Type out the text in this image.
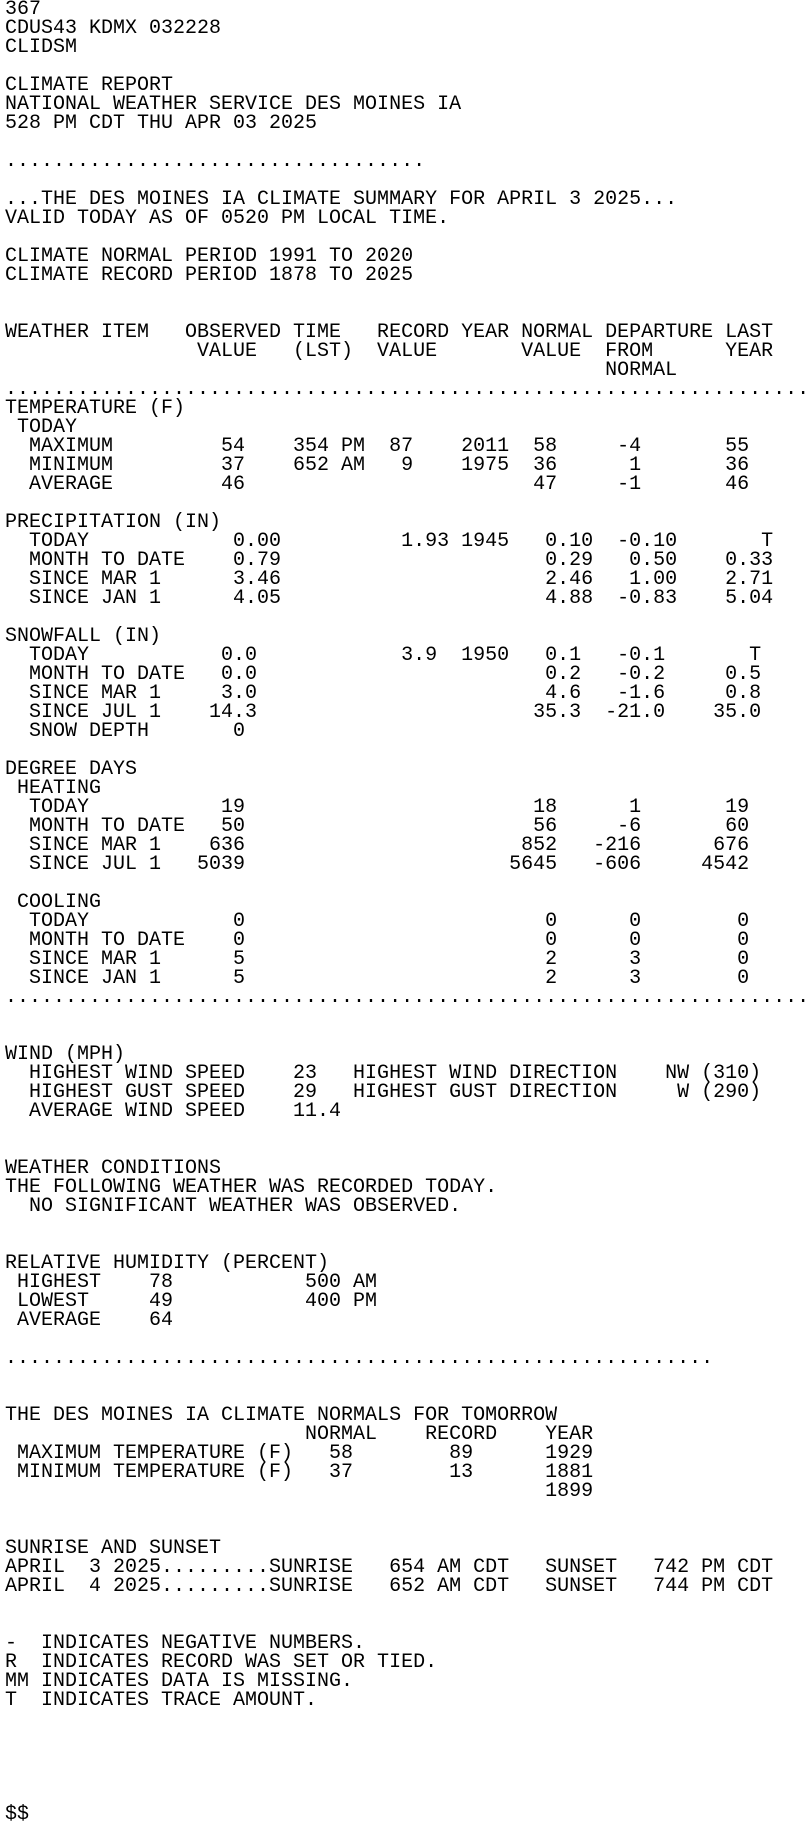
367
CDUS43 KDMX 032228
CLIDSM
CLIMATE REPORT
NATIONAL WEATHER SERVICE DES MOINES IA
528 PM CDT THU APR 03 2025
...................................
...THE DES MOINES IA CLIMATE SUMMARY FOR APRIL 3 2025...
VALID TODAY AS OF 0520 PM LOCAL TIME.
CLIMATE NORMAL PERIOD 1991 TO 2020
CLIMATE RECORD PERIOD 1878 TO 2025
WEATHER ITEM   OBSERVED TIME   RECORD YEAR NORMAL DEPARTURE LAST
VALUE   (LST)  VALUE       VALUE  FROM      YEAR
NORMAL
...................................................................
TEMPERATURE (F)
TODAY
MAXIMUM         54    354 PM  87    2011  58     -4       55
MINIMUM         37    652 AM   9    1975  36      1       36
AVERAGE         46                        47     -1       46
PRECIPITATION (IN)
TODAY            0.00          1.93 1945   0.10  -0.10       T
MONTH TO DATE    0.79                      0.29   0.50    0.33
SINCE MAR 1      3.46                      2.46   1.00    2.71
SINCE JAN 1      4.05                      4.88  -0.83    5.04
SNOWFALL (IN)
TODAY           0.0            3.9  1950   0.1   -0.1       T
MONTH TO DATE   0.0                        0.2   -0.2     0.5
SINCE MAR 1     3.0                        4.6   -1.6     0.8
SINCE JUL 1    14.3                       35.3  -21.0    35.0
SNOW DEPTH       0
DEGREE DAYS
HEATING
TODAY           19                        18      1       19
MONTH TO DATE   50                        56     -6       60
SINCE MAR 1    636                       852   -216      676
SINCE JUL 1   5039                      5645   -606     4542
COOLING
TODAY            0                         0      0        0
MONTH TO DATE    0                         0      0        0
SINCE MAR 1      5                         2      3        0
SINCE JAN 1      5                         2      3        0
...................................................................
WIND (MPH)
HIGHEST WIND SPEED    23   HIGHEST WIND DIRECTION    NW (310)
HIGHEST GUST SPEED    29   HIGHEST GUST DIRECTION     W (290)
AVERAGE WIND SPEED    11.4
WEATHER CONDITIONS
THE FOLLOWING WEATHER WAS RECORDED TODAY.
NO SIGNIFICANT WEATHER WAS OBSERVED.
RELATIVE HUMIDITY (PERCENT)
HIGHEST    78           500 AM
LOWEST     49           400 PM
AVERAGE    64
...........................................................
THE DES MOINES IA CLIMATE NORMALS FOR TOMORROW
NORMAL    RECORD    YEAR
MAXIMUM TEMPERATURE (F)   58        89      1929
MINIMUM TEMPERATURE (F)   37        13      1881
1899
SUNRISE AND SUNSET
APRIL  3 2025.........SUNRISE   654 AM CDT   SUNSET   742 PM CDT
APRIL  4 2025.........SUNRISE   652 AM CDT   SUNSET   744 PM CDT
-  INDICATES NEGATIVE NUMBERS.
R  INDICATES RECORD WAS SET OR TIED.
MM INDICATES DATA IS MISSING.
T  INDICATES TRACE AMOUNT.
$$
